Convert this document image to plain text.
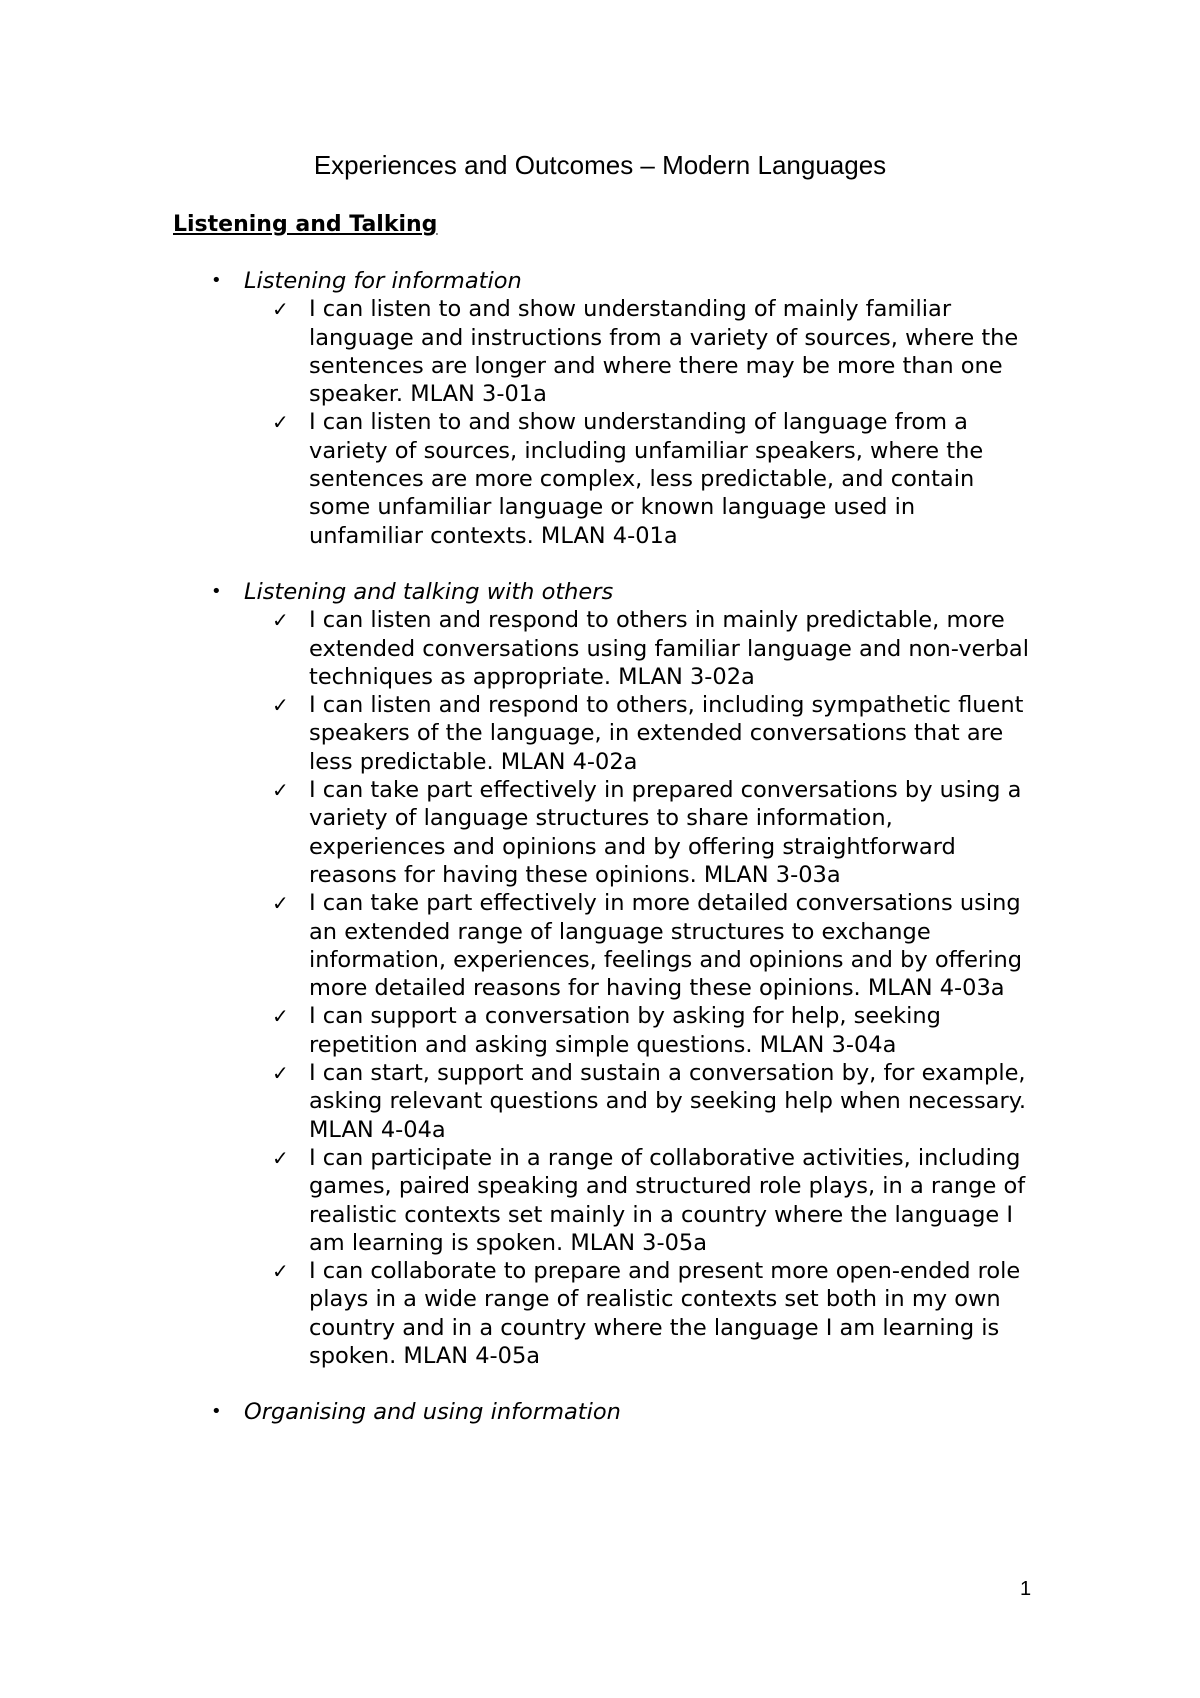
Experiences and Outcomes – Modern Languages
Listening and Talking
• Listening for information
✓ I can listen to and show understanding of mainly familiar language and instructions from a variety of sources, where the sentences are longer and where there may be more than one speaker. MLAN 3-01a
✓ I can listen to and show understanding of language from a variety of sources, including unfamiliar speakers, where the sentences are more complex, less predictable, and contain some unfamiliar language or known language used in unfamiliar contexts. MLAN 4-01a
• Listening and talking with others
✓ I can listen and respond to others in mainly predictable, more extended conversations using familiar language and non-verbal techniques as appropriate. MLAN 3-02a
✓ I can listen and respond to others, including sympathetic fluent speakers of the language, in extended conversations that are less predictable. MLAN 4-02a
✓ I can take part effectively in prepared conversations by using a variety of language structures to share information, experiences and opinions and by offering straightforward reasons for having these opinions. MLAN 3-03a
✓ I can take part effectively in more detailed conversations using an extended range of language structures to exchange information, experiences, feelings and opinions and by offering more detailed reasons for having these opinions. MLAN 4-03a
✓ I can support a conversation by asking for help, seeking repetition and asking simple questions. MLAN 3-04a
✓ I can start, support and sustain a conversation by, for example, asking relevant questions and by seeking help when necessary. MLAN 4-04a
✓ I can participate in a range of collaborative activities, including games, paired speaking and structured role plays, in a range of realistic contexts set mainly in a country where the language I am learning is spoken. MLAN 3-05a
✓ I can collaborate to prepare and present more open-ended role plays in a wide range of realistic contexts set both in my own country and in a country where the language I am learning is spoken. MLAN 4-05a
• Organising and using information
1
